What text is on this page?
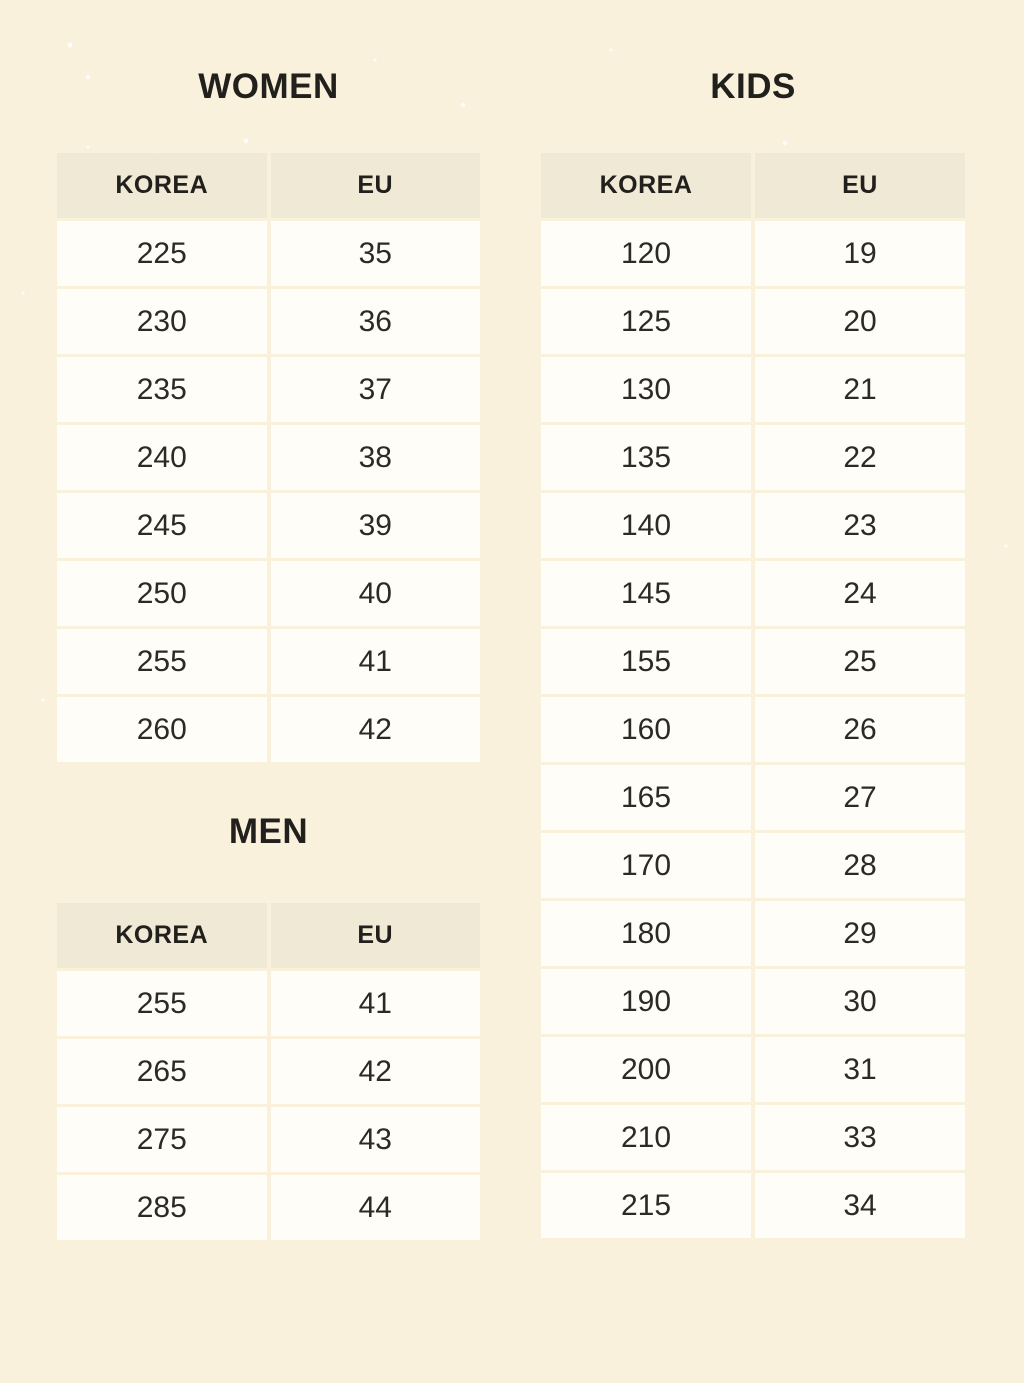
WOMEN
KOREA	EU
225	35
230	36
235	37
240	38
245	39
250	40
255	41
260	42
MEN
KOREA	EU
255	41
265	42
275	43
285	44
KIDS
KOREA	EU
120	19
125	20
130	21
135	22
140	23
145	24
155	25
160	26
165	27
170	28
180	29
190	30
200	31
210	33
215	34
